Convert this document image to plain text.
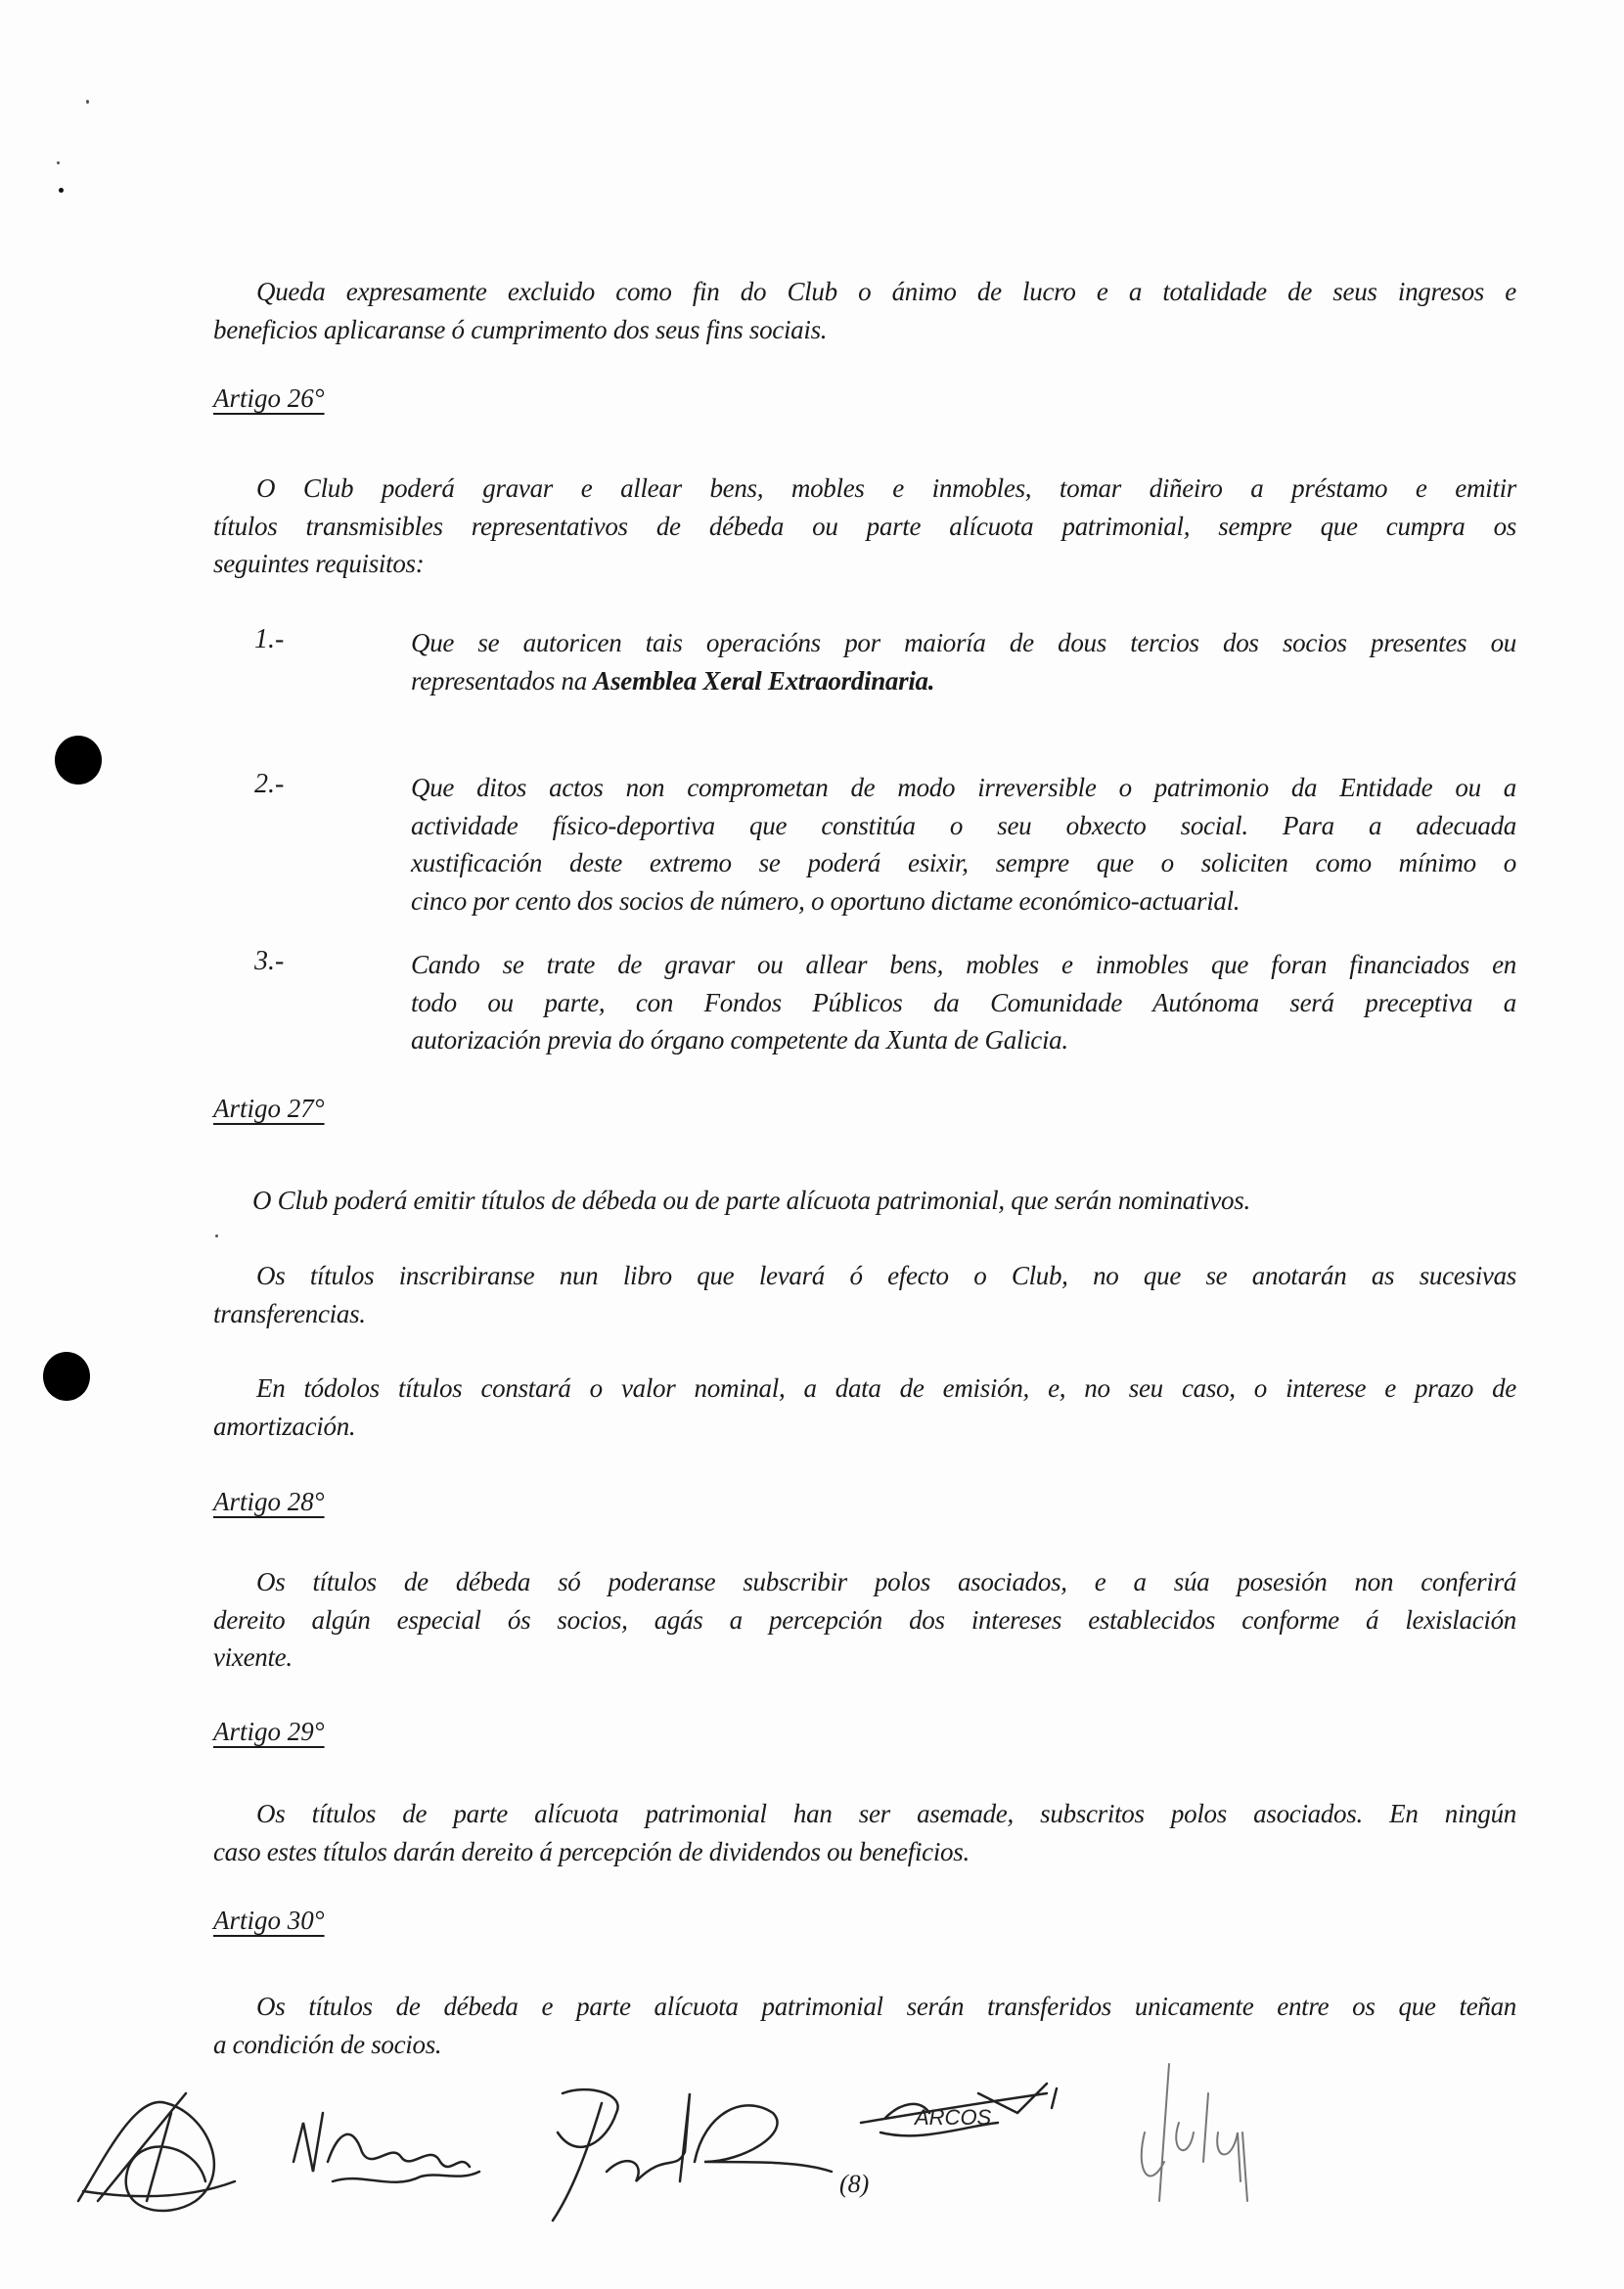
Queda expresamente excluido como fin do Club o ánimo de lucro e a totalidade de seus ingresos e
beneficios aplicaranse ó cumprimento dos seus fins sociais.
Artigo 26°
O Club poderá gravar e allear bens, mobles e inmobles, tomar diñeiro a préstamo e emitir
títulos transmisibles representativos de débeda ou parte alícuota patrimonial, sempre que cumpra os
seguintes requisitos:
1.-	Que se autoricen tais operacións por maioría de dous tercios dos socios presentes ou
representados na Asemblea Xeral Extraordinaria.
2.-	Que ditos actos non comprometan de modo irreversible o patrimonio da Entidade ou a
actividade físico-deportiva que constitúa o seu obxecto social. Para a adecuada
xustificación deste extremo se poderá esixir, sempre que o soliciten como mínimo o
cinco por cento dos socios de número, o oportuno dictame económico-actuarial.
3.-	Cando se trate de gravar ou allear bens, mobles e inmobles que foran financiados en
todo ou parte, con Fondos Públicos da Comunidade Autónoma será preceptiva a
autorización previa do órgano competente da Xunta de Galicia.
Artigo 27°
O Club poderá emitir títulos de débeda ou de parte alícuota patrimonial, que serán nominativos.
Os títulos inscribiranse nun libro que levará ó efecto o Club, no que se anotarán as sucesivas
transferencias.
En tódolos títulos constará o valor nominal, a data de emisión, e, no seu caso, o interese e prazo de
amortización.
Artigo 28°
Os títulos de débeda só poderanse subscribir polos asociados, e a súa posesión non conferirá
dereito algún especial ós socios, agás a percepción dos intereses establecidos conforme á lexislación
vixente.
Artigo 29°
Os títulos de parte alícuota patrimonial han ser asemade, subscritos polos asociados. En ningún
caso estes títulos darán dereito á percepción de dividendos ou beneficios.
Artigo 30°
Os títulos de débeda e parte alícuota patrimonial serán transferidos unicamente entre os que teñan
a condición de socios.
ARCOS
(8)
